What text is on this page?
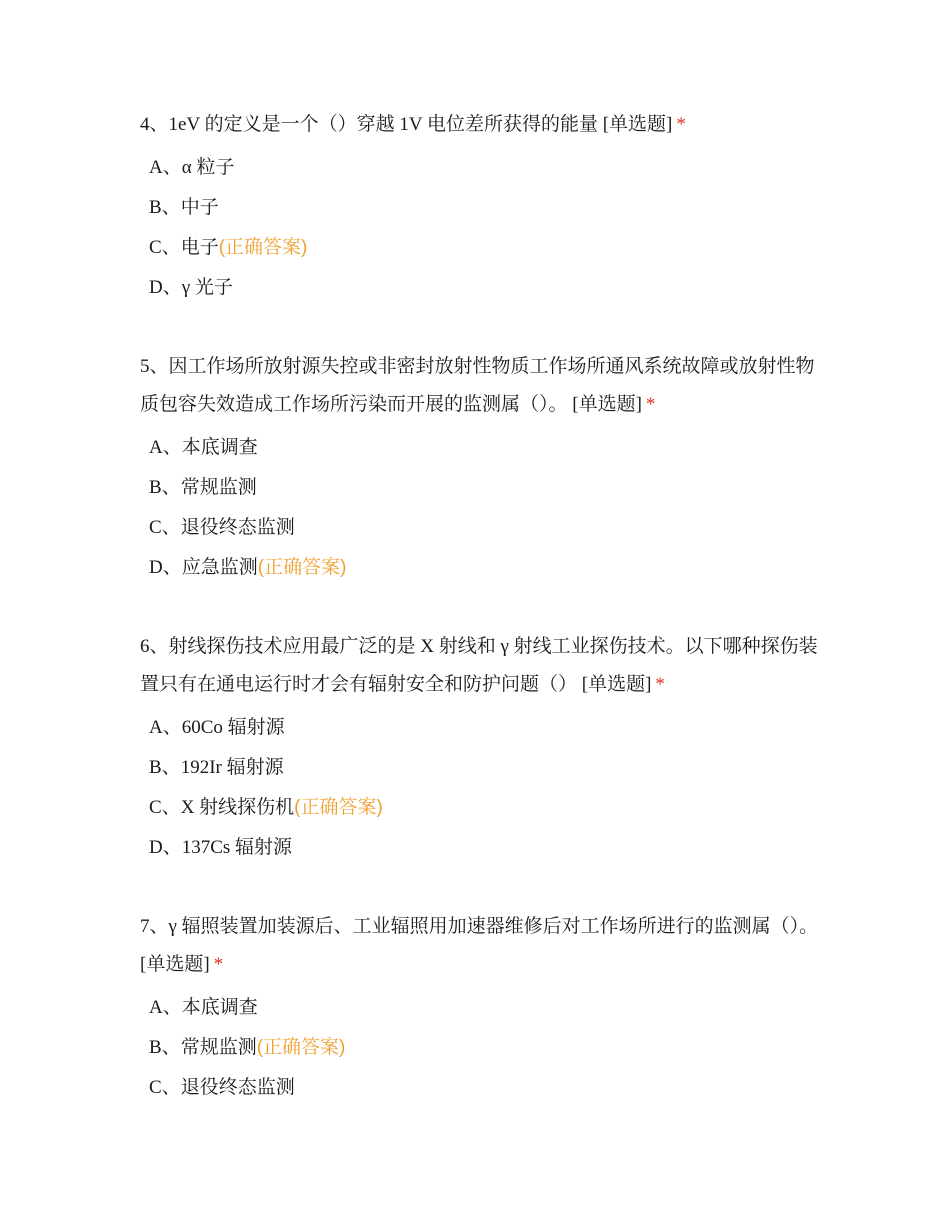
4、1eV 的定义是一个（）穿越 1V 电位差所获得的能量 [单选题] *

A、α 粒子
B、中子
C、电子(正确答案)
D、γ 光子

5、因工作场所放射源失控或非密封放射性物质工作场所通风系统故障或放射性物质包容失效造成工作场所污染而开展的监测属（）。 [单选题] *

A、本底调查
B、常规监测
C、退役终态监测
D、应急监测(正确答案)

6、射线探伤技术应用最广泛的是 X 射线和 γ 射线工业探伤技术。以下哪种探伤装置只有在通电运行时才会有辐射安全和防护问题（） [单选题] *

A、60Co 辐射源
B、192Ir 辐射源
C、X 射线探伤机(正确答案)
D、137Cs 辐射源

7、γ 辐照装置加装源后、工业辐照用加速器维修后对工作场所进行的监测属（）。 [单选题] *

A、本底调查
B、常规监测(正确答案)
C、退役终态监测
